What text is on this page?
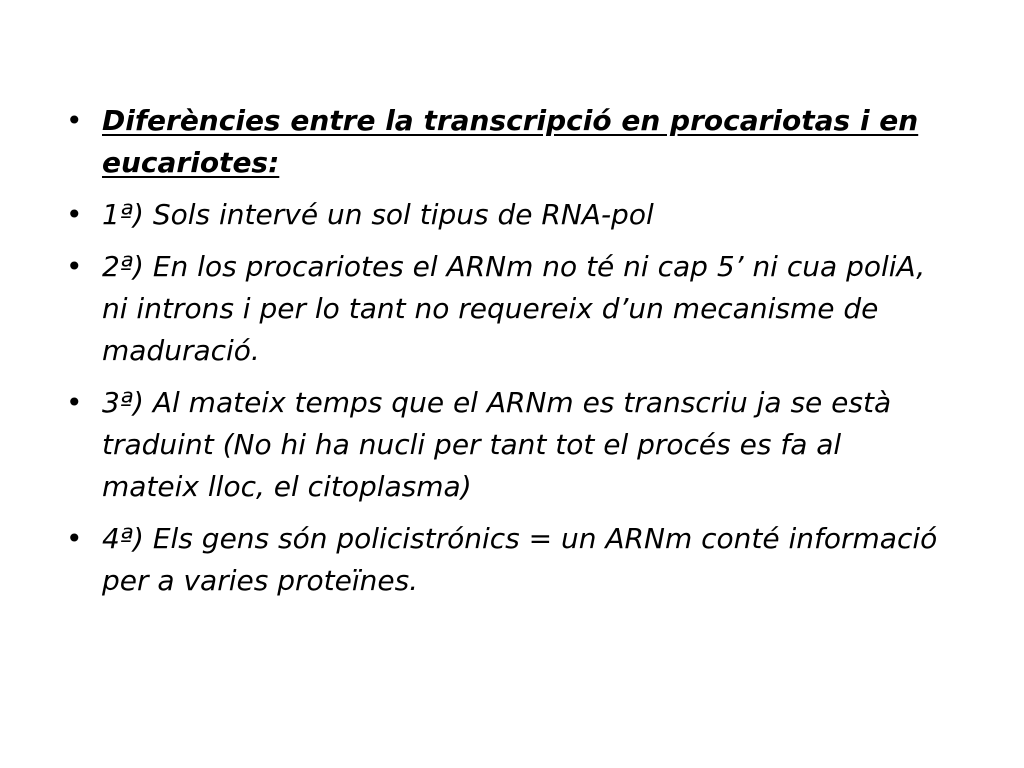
• Diferències entre la transcripció en procariotas i en eucariotes:
• 1ª) Sols intervé un sol tipus de RNA-pol
• 2ª) En los procariotes el ARNm no té ni cap 5’ ni cua poliA, ni introns i per lo tant no requereix d’un mecanisme de maduració.
• 3ª) Al mateix temps que el ARNm es transcriu ja se està traduint (No hi ha nucli per tant tot el procés es fa al mateix lloc, el citoplasma)
• 4ª) Els gens són policistrónics = un ARNm conté informació per a varies proteïnes.
